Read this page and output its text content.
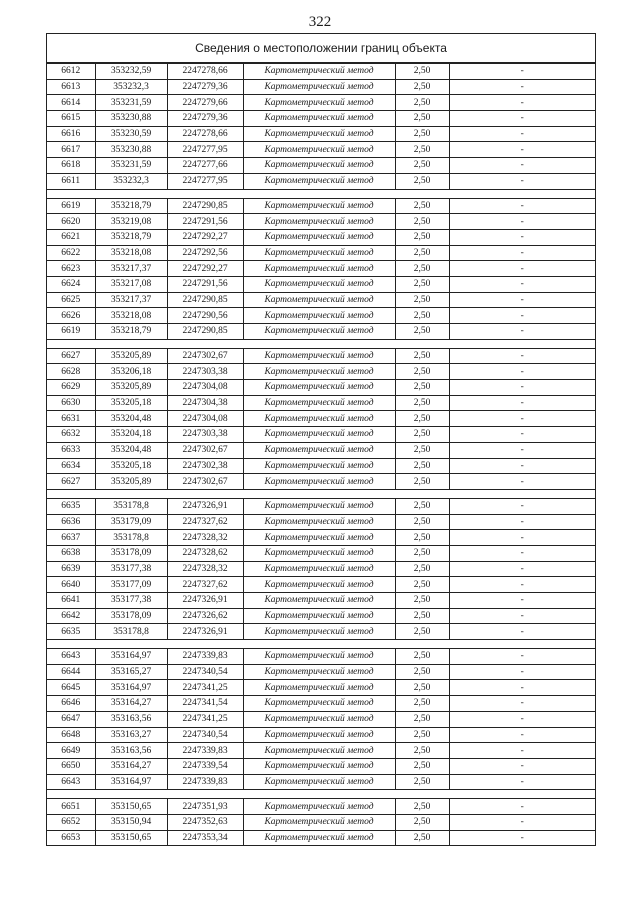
322
Сведения о местоположении границ объекта
6612	353232,59	2247278,66	Картометрический метод	2,50	-
6613	353232,3	2247279,36	Картометрический метод	2,50	-
6614	353231,59	2247279,66	Картометрический метод	2,50	-
6615	353230,88	2247279,36	Картометрический метод	2,50	-
6616	353230,59	2247278,66	Картометрический метод	2,50	-
6617	353230,88	2247277,95	Картометрический метод	2,50	-
6618	353231,59	2247277,66	Картометрический метод	2,50	-
6611	353232,3	2247277,95	Картометрический метод	2,50	-

6619	353218,79	2247290,85	Картометрический метод	2,50	-
6620	353219,08	2247291,56	Картометрический метод	2,50	-
6621	353218,79	2247292,27	Картометрический метод	2,50	-
6622	353218,08	2247292,56	Картометрический метод	2,50	-
6623	353217,37	2247292,27	Картометрический метод	2,50	-
6624	353217,08	2247291,56	Картометрический метод	2,50	-
6625	353217,37	2247290,85	Картометрический метод	2,50	-
6626	353218,08	2247290,56	Картометрический метод	2,50	-
6619	353218,79	2247290,85	Картометрический метод	2,50	-

6627	353205,89	2247302,67	Картометрический метод	2,50	-
6628	353206,18	2247303,38	Картометрический метод	2,50	-
6629	353205,89	2247304,08	Картометрический метод	2,50	-
6630	353205,18	2247304,38	Картометрический метод	2,50	-
6631	353204,48	2247304,08	Картометрический метод	2,50	-
6632	353204,18	2247303,38	Картометрический метод	2,50	-
6633	353204,48	2247302,67	Картометрический метод	2,50	-
6634	353205,18	2247302,38	Картометрический метод	2,50	-
6627	353205,89	2247302,67	Картометрический метод	2,50	-

6635	353178,8	2247326,91	Картометрический метод	2,50	-
6636	353179,09	2247327,62	Картометрический метод	2,50	-
6637	353178,8	2247328,32	Картометрический метод	2,50	-
6638	353178,09	2247328,62	Картометрический метод	2,50	-
6639	353177,38	2247328,32	Картометрический метод	2,50	-
6640	353177,09	2247327,62	Картометрический метод	2,50	-
6641	353177,38	2247326,91	Картометрический метод	2,50	-
6642	353178,09	2247326,62	Картометрический метод	2,50	-
6635	353178,8	2247326,91	Картометрический метод	2,50	-

6643	353164,97	2247339,83	Картометрический метод	2,50	-
6644	353165,27	2247340,54	Картометрический метод	2,50	-
6645	353164,97	2247341,25	Картометрический метод	2,50	-
6646	353164,27	2247341,54	Картометрический метод	2,50	-
6647	353163,56	2247341,25	Картометрический метод	2,50	-
6648	353163,27	2247340,54	Картометрический метод	2,50	-
6649	353163,56	2247339,83	Картометрический метод	2,50	-
6650	353164,27	2247339,54	Картометрический метод	2,50	-
6643	353164,97	2247339,83	Картометрический метод	2,50	-

6651	353150,65	2247351,93	Картометрический метод	2,50	-
6652	353150,94	2247352,63	Картометрический метод	2,50	-
6653	353150,65	2247353,34	Картометрический метод	2,50	-
